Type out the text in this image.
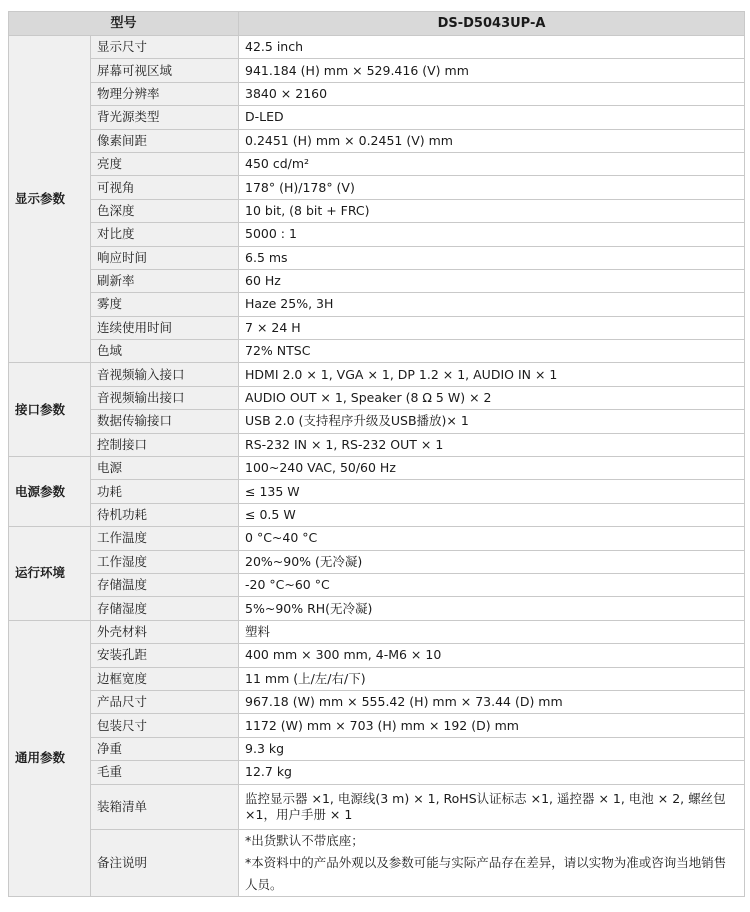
型号		DS-D5043UP-A
显示参数	显示尺寸	42.5 inch
	屏幕可视区域	941.184 (H) mm × 529.416 (V) mm
	物理分辨率	3840 × 2160
	背光源类型	D-LED
	像素间距	0.2451 (H) mm × 0.2451 (V) mm
	亮度	450 cd/m²
	可视角	178° (H)/178° (V)
	色深度	10 bit, (8 bit + FRC)
	对比度	5000 : 1
	响应时间	6.5 ms
	刷新率	60 Hz
	雾度	Haze 25%, 3H
	连续使用时间	7 × 24 H
	色域	72% NTSC
接口参数	音视频输入接口	HDMI 2.0 × 1, VGA × 1, DP 1.2 × 1, AUDIO IN × 1
	音视频输出接口	AUDIO OUT × 1, Speaker (8 Ω 5 W) × 2
	数据传输接口	USB 2.0 (支持程序升级及USB播放)× 1
	控制接口	RS-232 IN × 1, RS-232 OUT × 1
电源参数	电源	100~240 VAC, 50/60 Hz
	功耗	≤ 135 W
	待机功耗	≤ 0.5 W
运行环境	工作温度	0 °C~40 °C
	工作湿度	20%~90% (无冷凝)
	存储温度	-20 °C~60 °C
	存储湿度	5%~90% RH(无冷凝)
通用参数	外壳材料	塑料
	安装孔距	400 mm × 300 mm, 4-M6 × 10
	边框宽度	11 mm (上/左/右/下)
	产品尺寸	967.18 (W) mm × 555.42 (H) mm × 73.44 (D) mm
	包装尺寸	1172 (W) mm × 703 (H) mm × 192 (D) mm
	净重	9.3 kg
	毛重	12.7 kg
	装箱清单	监控显示器 ×1, 电源线(3 m) × 1, RoHS认证标志 ×1, 遥控器 × 1, 电池 × 2, 螺丝包 ×1，用户手册 × 1
	备注说明	*出货默认不带底座；
*本资料中的产品外观以及参数可能与实际产品存在差异，请以实物为准或咨询当地销售人员。
